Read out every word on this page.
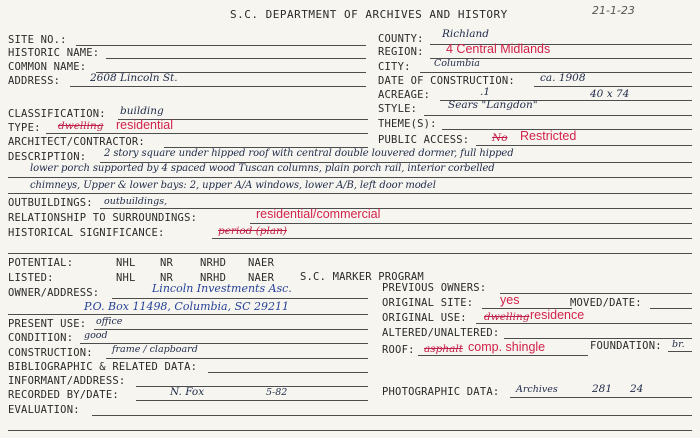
S.C. DEPARTMENT OF ARCHIVES AND HISTORY	21-1-23
SITE NO.:
HISTORIC NAME:
COMMON NAME:
ADDRESS:	2608 Lincoln St.
CLASSIFICATION: building
TYPE: dwelling residential
ARCHITECT/CONTRACTOR:
DESCRIPTION: 2 story square under hipped roof with central double louvered dormer, full hipped
lower porch supported by 4 spaced wood Tuscan columns, plain porch rail, interior corbelled
chimneys, Upper & lower bays: 2, upper A/A windows, lower A/B, left door model
OUTBUILDINGS: outbuildings,
RELATIONSHIP TO SURROUNDINGS:	residential/commercial
HISTORICAL SIGNIFICANCE:	period (plan)
COUNTY: Richland
REGION: 4 Central Midlands
CITY: Columbia
DATE OF CONSTRUCTION: ca. 1908
ACREAGE:	.1	40 x 74
STYLE:	Sears "Langdon"
THEME(S):
PUBLIC ACCESS: No Restricted
POTENTIAL:	NHL NR	NRHD NAER
LISTED:	NHL NR	NRHD NAER S.C. MARKER PROGRAM
OWNER/ADDRESS:	Lincoln Investments Asc.
P.O. Box 11498, Columbia, SC 29211
PREVIOUS OWNERS:
ORIGINAL SITE: yes	MOVED/DATE:
PRESENT USE: office	ORIGINAL USE: dwelling residence
CONDITION: good	ALTERED/UNALTERED:
CONSTRUCTION: frame / clapboard	ROOF: asphalt comp. shingle	FOUNDATION: br.
BIBLIOGRAPHIC & RELATED DATA:
INFORMANT/ADDRESS:
RECORDED BY/DATE:	N. Fox	5-82	PHOTOGRAPHIC DATA: Archives	281 24
EVALUATION:
